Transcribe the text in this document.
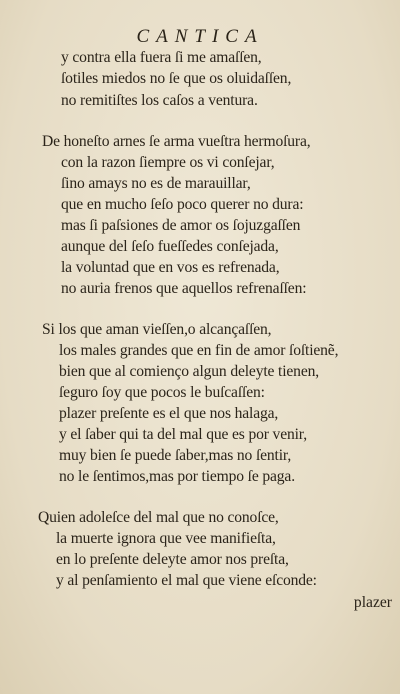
CANTICA
y contra ella fuera ſi me amaſſen,
ſotiles miedos no ſe que os oluidaſſen,
no remitiſtes los caſos a ventura.
De honeſto arnes ſe arma vueſtra hermoſura,
con la razon ſiempre os vi conſejar,
ſino amays no es de marauillar,
que en mucho ſeſo poco querer no dura:
mas ſi paſsiones de amor os ſojuzgaſſen
aunque del ſeſo fueſſedes conſejada,
la voluntad que en vos es refrenada,
no auria frenos que aquellos refrenaſſen:
Si los que aman vieſſen,o alcançaſſen,
los males grandes que en fin de amor ſoſtienẽ,
bien que al comienço algun deleyte tienen,
ſeguro ſoy que pocos le buſcaſſen:
plazer preſente es el que nos halaga,
y el ſaber qui ta del mal que es por venir,
muy bien ſe puede ſaber,mas no ſentir,
no le ſentimos,mas por tiempo ſe paga.
Quien adoleſce del mal que no conoſce,
la muerte ignora que vee manifieſta,
en lo preſente deleyte amor nos preſta,
y al penſamiento el mal que viene eſconde:
plazer
